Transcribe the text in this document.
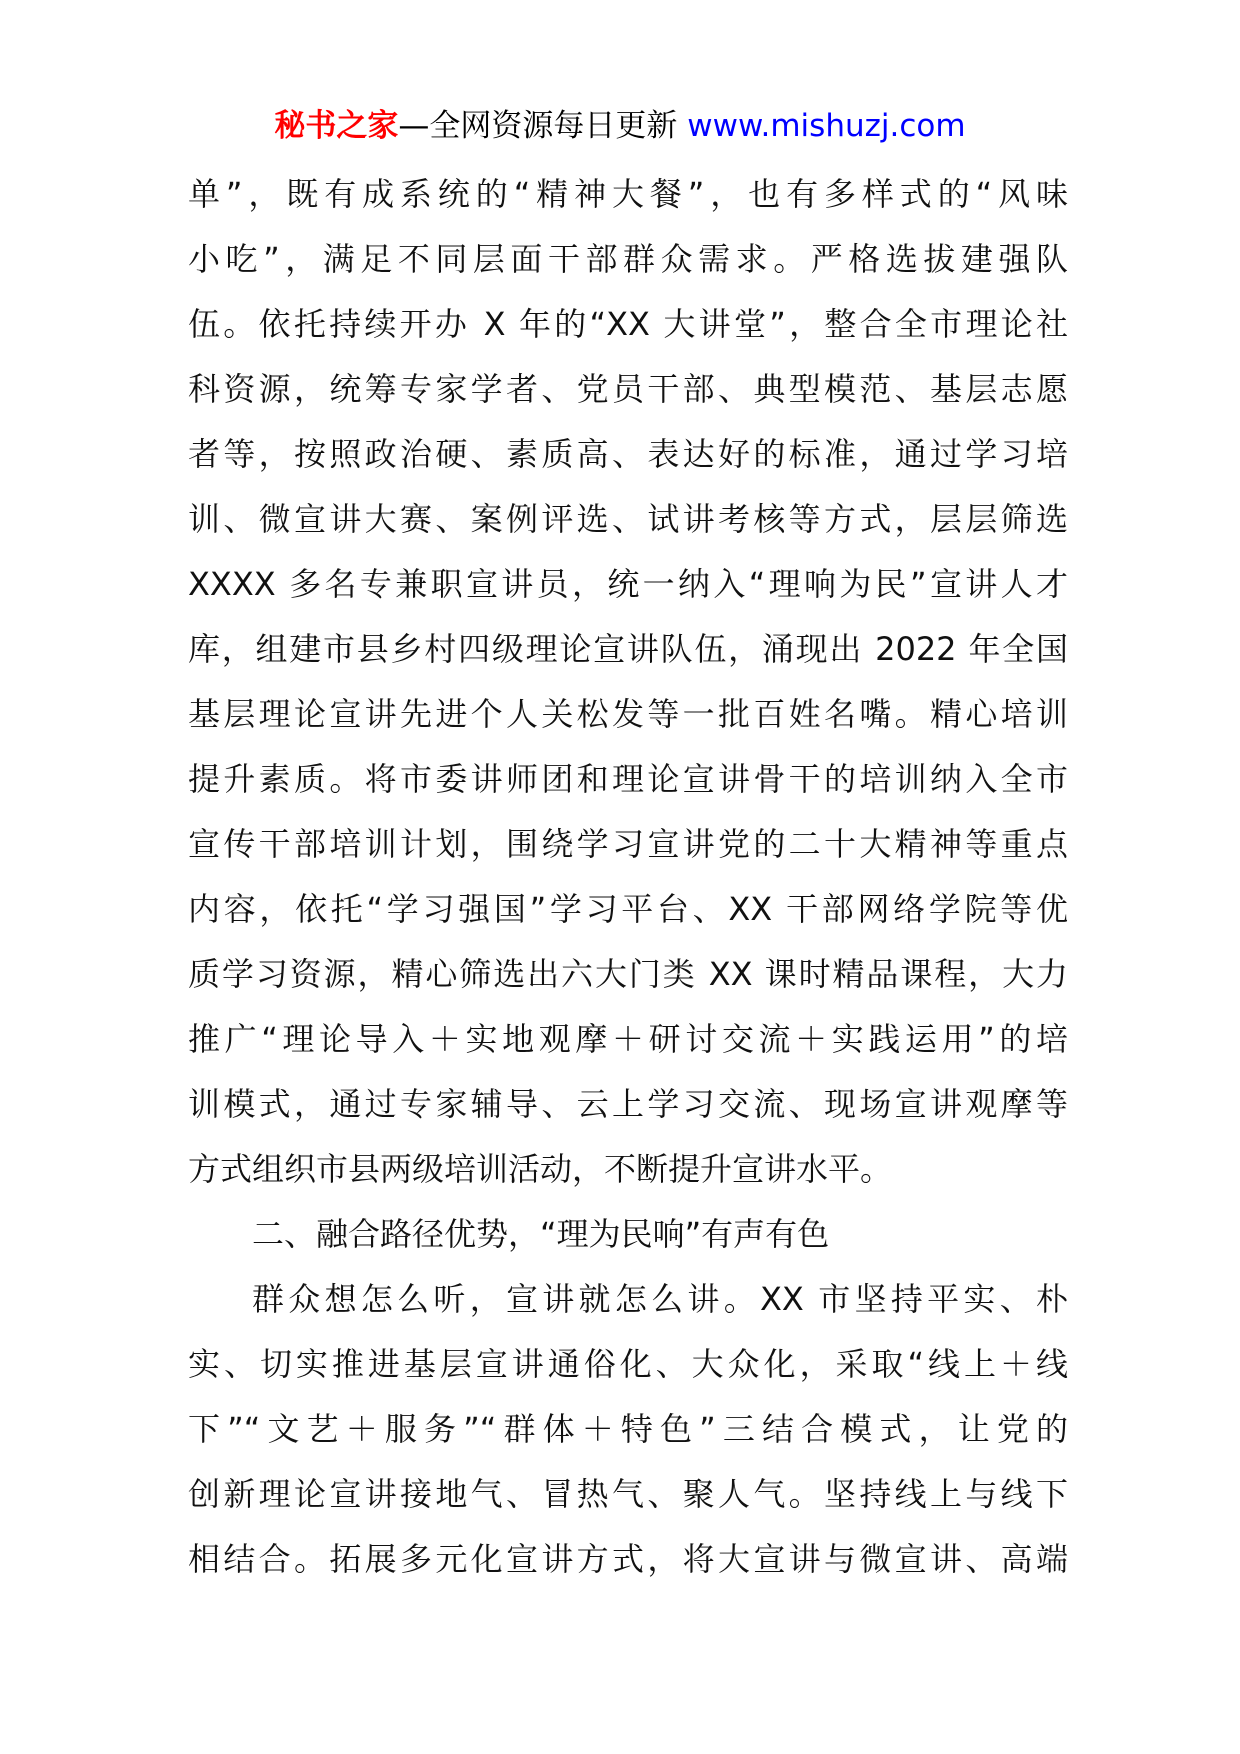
秘书之家—全网资源每日更新 www.mishuzj.com
单”，既有成系统的“精神大餐”，也有多样式的“风味
小吃”，满足不同层面干部群众需求。严格选拔建强队
伍。依托持续开办 X 年的“XX 大讲堂”，整合全市理论社
科资源，统筹专家学者、党员干部、典型模范、基层志愿
者等，按照政治硬、素质高、表达好的标准，通过学习培
训、微宣讲大赛、案例评选、试讲考核等方式，层层筛选
XXXX 多名专兼职宣讲员，统一纳入“理响为民”宣讲人才
库，组建市县乡村四级理论宣讲队伍，涌现出 2022 年全国
基层理论宣讲先进个人关松发等一批百姓名嘴。精心培训
提升素质。将市委讲师团和理论宣讲骨干的培训纳入全市
宣传干部培训计划，围绕学习宣讲党的二十大精神等重点
内容，依托“学习强国”学习平台、XX 干部网络学院等优
质学习资源，精心筛选出六大门类 XX 课时精品课程，大力
推广“理论导入＋实地观摩＋研讨交流＋实践运用”的培
训模式，通过专家辅导、云上学习交流、现场宣讲观摩等
方式组织市县两级培训活动，不断提升宣讲水平。
二、融合路径优势，“理为民响”有声有色
群众想怎么听，宣讲就怎么讲。XX 市坚持平实、朴
实、切实推进基层宣讲通俗化、大众化，采取“线上＋线
下”“文艺＋服务”“群体＋特色”三结合模式，让党的
创新理论宣讲接地气、冒热气、聚人气。坚持线上与线下
相结合。拓展多元化宣讲方式，将大宣讲与微宣讲、高端
